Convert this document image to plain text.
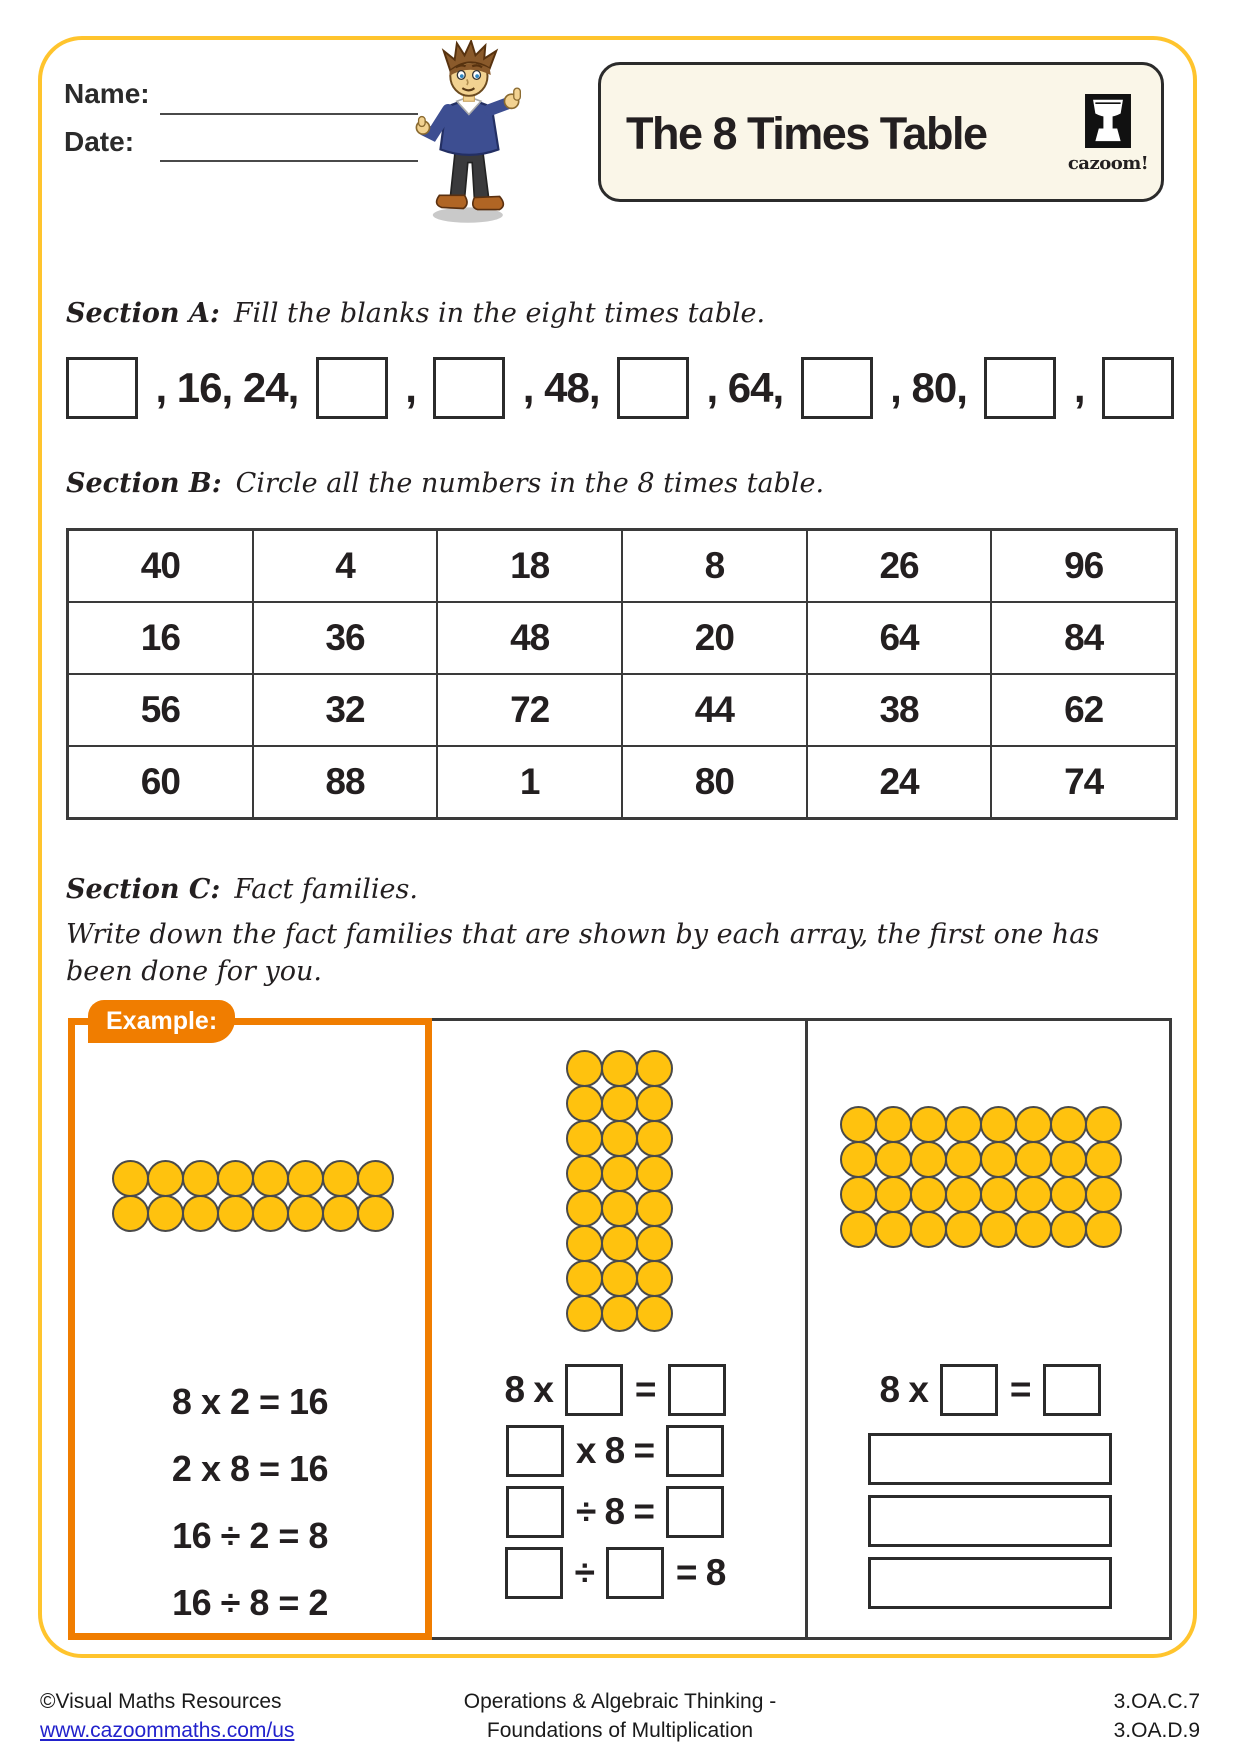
Name:
Date:	The 8 Times Table
cazoom!
Section A: Fill the blanks in the eight times table.
, 16, 24,	,	, 48,	, 64,	, 80,	,
Section B: Circle all the numbers in the 8 times table.
40	4	18	8	26	96
16	36	48	20	64	84
56	32	72	44	38	62
60	88	1	80	24	74
Section C: Fact families.
Write down the fact families that are shown by each array, the first one has been done for you.
Example:
8 x 2 = 16
2 x 8 = 16
16 ÷ 2 = 8
16 ÷ 8 = 2
8 x =
x 8 =
÷ 8 =
÷ = 8
8 x =
©Visual Maths Resources
www.cazoommaths.com/us
Operations & Algebraic Thinking -
Foundations of Multiplication
3.OA.C.7
3.OA.D.9
